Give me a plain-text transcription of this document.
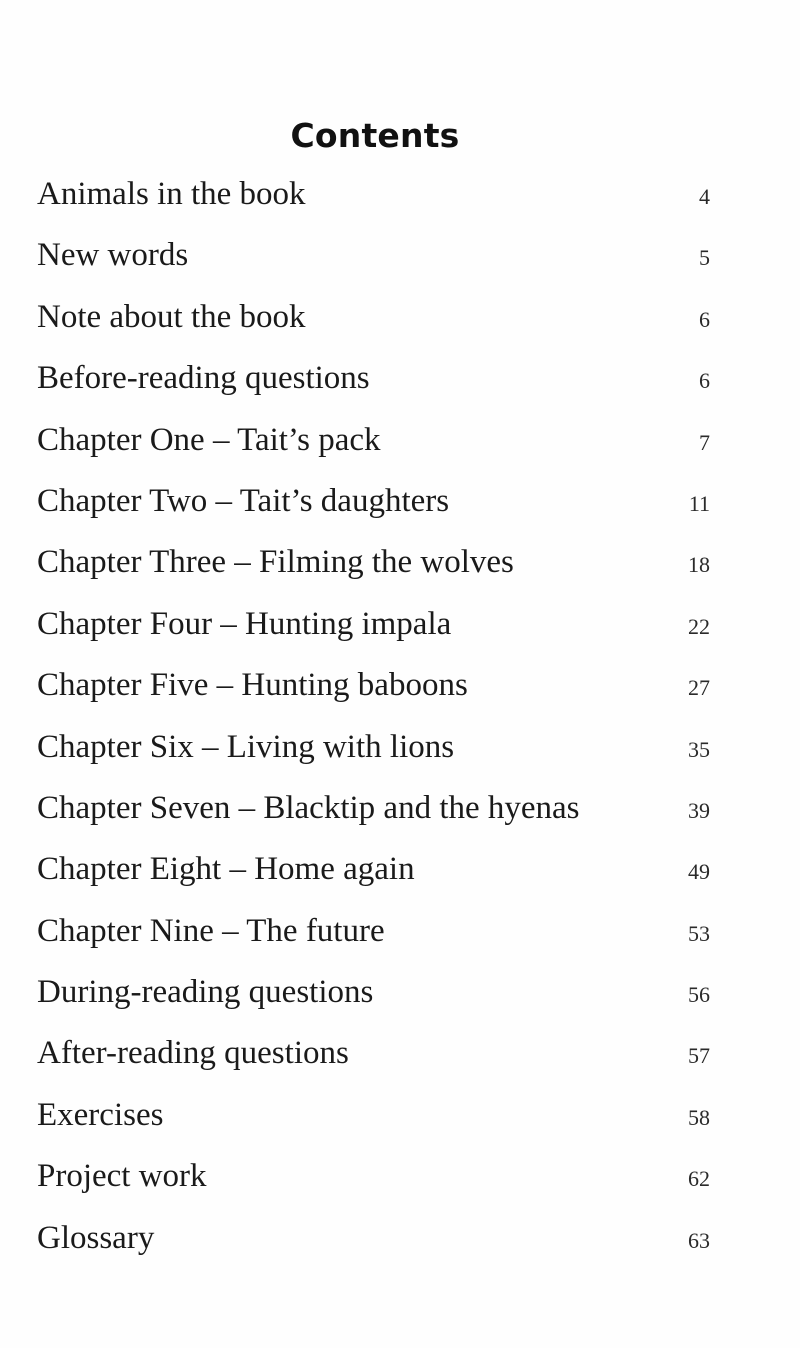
Contents
Animals in the book	4
New words	5
Note about the book	6
Before-reading questions	6
Chapter One – Tait’s pack	7
Chapter Two – Tait’s daughters	11
Chapter Three – Filming the wolves	18
Chapter Four – Hunting impala	22
Chapter Five – Hunting baboons	27
Chapter Six – Living with lions	35
Chapter Seven – Blacktip and the hyenas	39
Chapter Eight – Home again	49
Chapter Nine – The future	53
During-reading questions	56
After-reading questions	57
Exercises	58
Project work	62
Glossary	63
